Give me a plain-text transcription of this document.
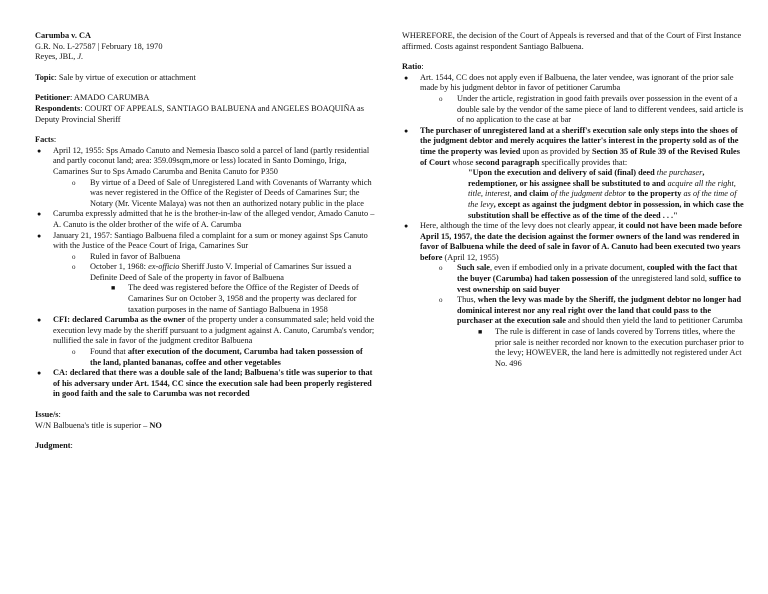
Carumba v. CA

G.R. No. L-27587 | February 18, 1970

Reyes, JBL, J.

Topic: Sale by virtue of execution or attachment

Petitioner: AMADO CARUMBA

Respondents: COURT OF APPEALS, SANTIAGO BALBUENA and ANGELES BOAQUIÑA as Deputy Provincial Sheriff

Facts:

● April 12, 1955: Sps Amado Canuto and Nemesia Ibasco sold a parcel of land (partly residential and partly coconut land; area: 359.09sqm,more or less) located in Santo Domingo, Iriga, Camarines Sur to Sps Amado Carumba and Benita Canuto for P350
o By virtue of a Deed of Sale of Unregistered Land with Covenants of Warranty which was never registered in the Office of the Register of Deeds of Camarines Sur; the Notary (Mr. Vicente Malaya) was not then an authorized notary public in the place
● Carumba expressly admitted that he is the brother-in-law of the alleged vendor, Amado Canuto – A. Canuto is the older brother of the wife of A. Carumba
● January 21, 1957: Santiago Balbuena filed a complaint for a sum or money against Sps Canuto with the Justice of the Peace Court of Iriga, Camarines Sur
o Ruled in favor of Balbuena
o October 1, 1968: ex-officio Sheriff Justo V. Imperial of Camarines Sur issued a Definite Deed of Sale of the property in favor of Balbuena
■ The deed was registered before the Office of the Register of Deeds of Camarines Sur on October 3, 1958 and the property was declared for taxation purposes in the name of Santiago Balbuena in 1958
● CFI: declared Carumba as the owner of the property under a consummated sale; held void the execution levy made by the sheriff pursuant to a judgment against A. Canuto, Carumba's vendor; nullified the sale in favor of the judgment creditor Balbuena
o Found that after execution of the document, Carumba had taken possession of the land, planted bananas, coffee and other vegetables
● CA: declared that there was a double sale of the land; Balbuena's title was superior to that of his adversary under Art. 1544, CC since the execution sale had been properly registered in good faith and the sale to Carumba was not recorded

Issue/s:

W/N Balbuena's title is superior – NO

Judgment:

WHEREFORE, the decision of the Court of Appeals is reversed and that of the Court of First Instance affirmed. Costs against respondent Santiago Balbuena.

Ratio:

● Art. 1544, CC does not apply even if Balbuena, the later vendee, was ignorant of the prior sale made by his judgment debtor in favor of petitioner Carumba
o Under the article, registration in good faith prevails over possession in the event of a double sale by the vendor of the same piece of land to different vendees, said article is of no application to the case at bar
● The purchaser of unregistered land at a sheriff's execution sale only steps into the shoes of the judgment debtor and merely acquires the latter's interest in the property sold as of the time the property was levied upon as provided by Section 35 of Rule 39 of the Revised Rules of Court whose second paragraph specifically provides that:
"Upon the execution and delivery of said (final) deed the purchaser, redemptioner, or his assignee shall be substituted to and acquire all the right, title, interest, and claim of the judgment debtor to the property as of the time of the levy, except as against the judgment debtor in possession, in which case the substitution shall be effective as of the time of the deed . . ."
● Here, although the time of the levy does not clearly appear, it could not have been made before April 15, 1957, the date the decision against the former owners of the land was rendered in favor of Balbuena while the deed of sale in favor of A. Canuto had been executed two years before (April 12, 1955)
o Such sale, even if embodied only in a private document, coupled with the fact that the buyer (Carumba) had taken possession of the unregistered land sold, suffice to vest ownership on said buyer
o Thus, when the levy was made by the Sheriff, the judgment debtor no longer had dominical interest nor any real right over the land that could pass to the purchaser at the execution sale and should then yield the land to petitioner Carumba
■ The rule is different in case of lands covered by Torrens titles, where the prior sale is neither recorded nor known to the execution purchaser prior to the levy; HOWEVER, the land here is admittedly not registered under Act No. 496
